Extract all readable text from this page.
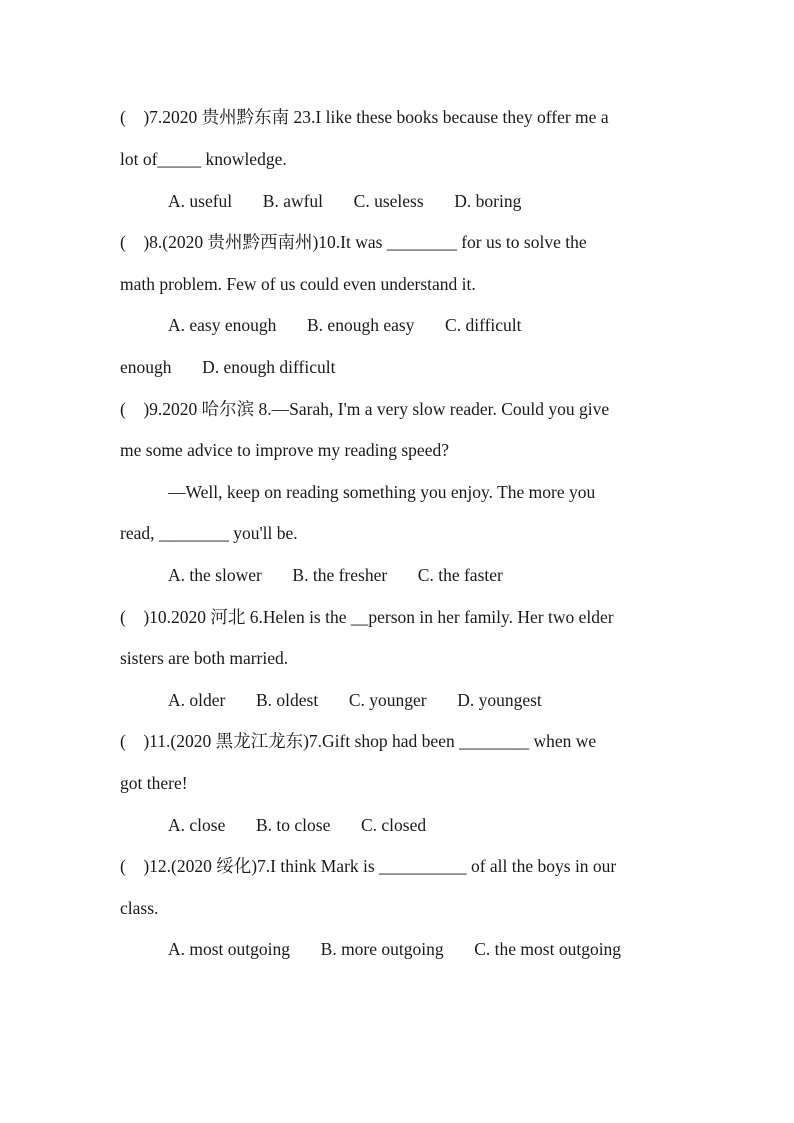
(    )7.2020 贵州黔东南 23.I like these books because they offer me a
lot of_____ knowledge.
A. useful       B. awful       C. useless       D. boring
(    )8.(2020 贵州黔西南州)10.It was ________ for us to solve the
math problem. Few of us could even understand it.
A. easy enough       B. enough easy       C. difficult
enough       D. enough difficult
(    )9.2020 哈尔滨 8.—Sarah, I'm a very slow reader. Could you give
me some advice to improve my reading speed?
—Well, keep on reading something you enjoy. The more you
read, ________ you'll be.
A. the slower       B. the fresher       C. the faster
(    )10.2020 河北 6.Helen is the __person in her family. Her two elder
sisters are both married.
A. older       B. oldest       C. younger       D. youngest
(    )11.(2020 黑龙江龙东)7.Gift shop had been ________ when we
got there!
A. close       B. to close       C. closed
(    )12.(2020 绥化)7.I think Mark is __________ of all the boys in our
class.
A. most outgoing       B. more outgoing       C. the most outgoing
